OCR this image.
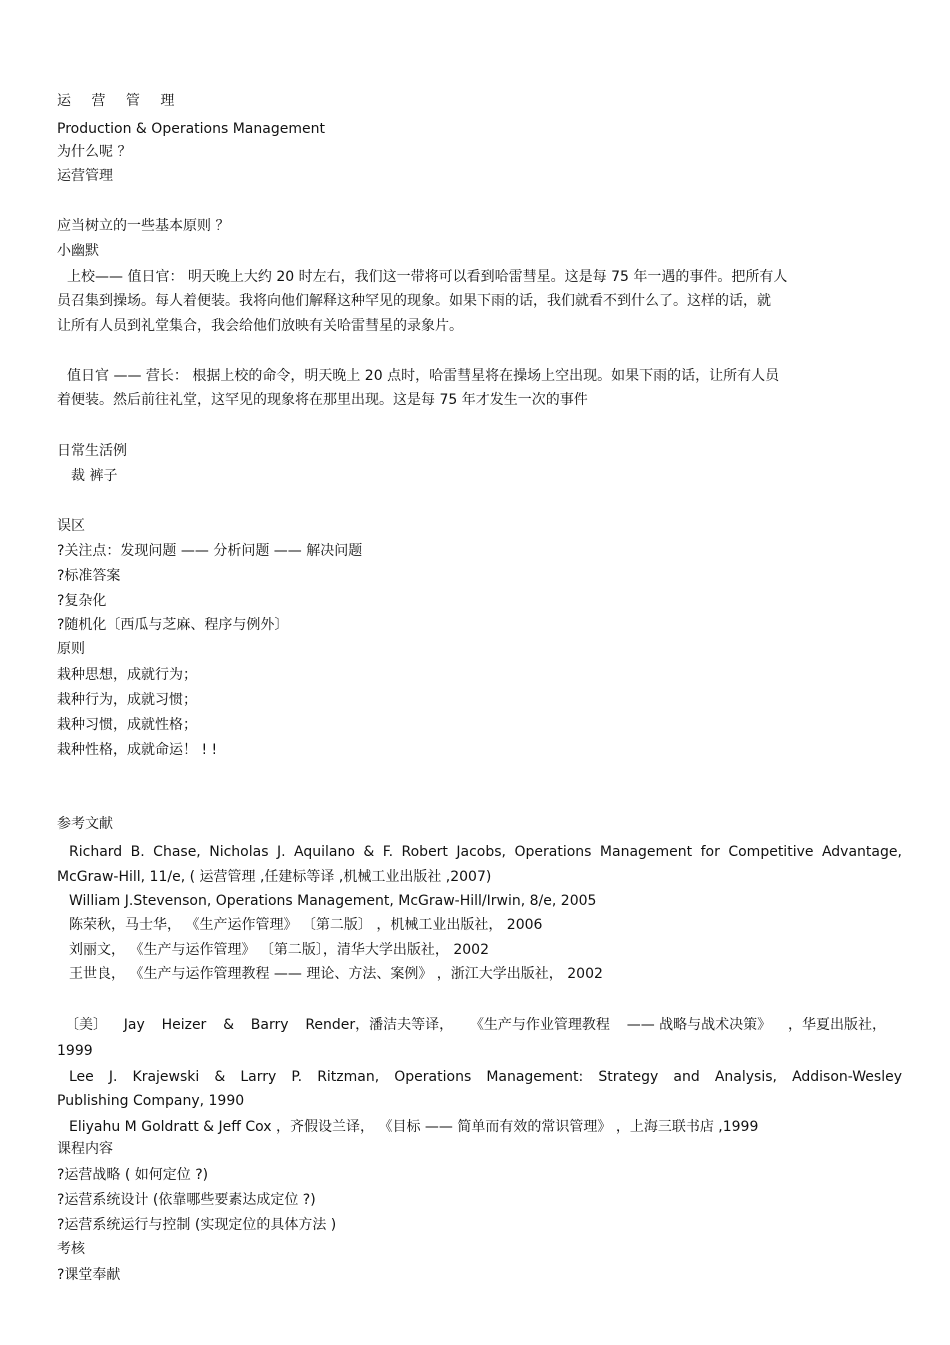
运 营 管 理
Production & Operations Management
为什么呢 ？
运营管理
应当树立的一些基本原则 ？
小幽默
上校—— 值日官： 明天晚上大约 20 时左右，我们这一带将可以看到哈雷彗星。这是每 75 年一遇的事件。把所有人
员召集到操场。每人着便装。我将向他们解释这种罕见的现象。如果下雨的话，我们就看不到什么了。这样的话，就
让所有人员到礼堂集合，我会给他们放映有关哈雷彗星的录象片。
值日官 —— 营长： 根据上校的命令，明天晚上 20 点时，哈雷彗星将在操场上空出现。如果下雨的话，让所有人员
着便装。然后前往礼堂，这罕见的现象将在那里出现。这是每 75 年才发生一次的事件
日常生活例
裁 裤子
误区
?关注点：发现问题 —— 分析问题 —— 解决问题
?标准答案
?复杂化
?随机化〔西瓜与芝麻、程序与例外〕
原则
栽种思想，成就行为；
栽种行为，成就习惯；
栽种习惯，成就性格；
栽种性格，成就命运！ ! !
参考文献
Richard B. Chase, Nicholas J. Aquilano & F. Robert Jacobs, Operations Management for Competitive Advantage,
McGraw-Hill, 11/e, ( 运营管理 ,任建标等译 ,机械工业出版社 ,2007)
William J.Stevenson, Operations Management, McGraw-Hill/Irwin, 8/e, 2005
陈荣秋，马士华， 《生产运作管理》 〔第二版〕 ，机械工业出版社， 2006
刘丽文， 《生产与运作管理》 〔第二版〕，清华大学出版社， 2002
王世良， 《生产与运作管理教程 —— 理论、方法、案例》 ，浙江大学出版社， 2002
〔美〕 Jay Heizer & Barry Render，潘洁夫等译， 《生产与作业管理教程 —— 战略与战术决策》 ，华夏出版社，
1999
Lee J. Krajewski & Larry P. Ritzman, Operations Management: Strategy and Analysis, Addison-Wesley
Publishing Company, 1990
Eliyahu M Goldratt & Jeff Cox ，齐假设兰译， 《目标 —— 简单而有效的常识管理》 ，上海三联书店 ,1999
课程内容
?运营战略 ( 如何定位 ?)
?运营系统设计 (依靠哪些要素达成定位 ?)
?运营系统运行与控制 (实现定位的具体方法 )
考核
?课堂奉献
